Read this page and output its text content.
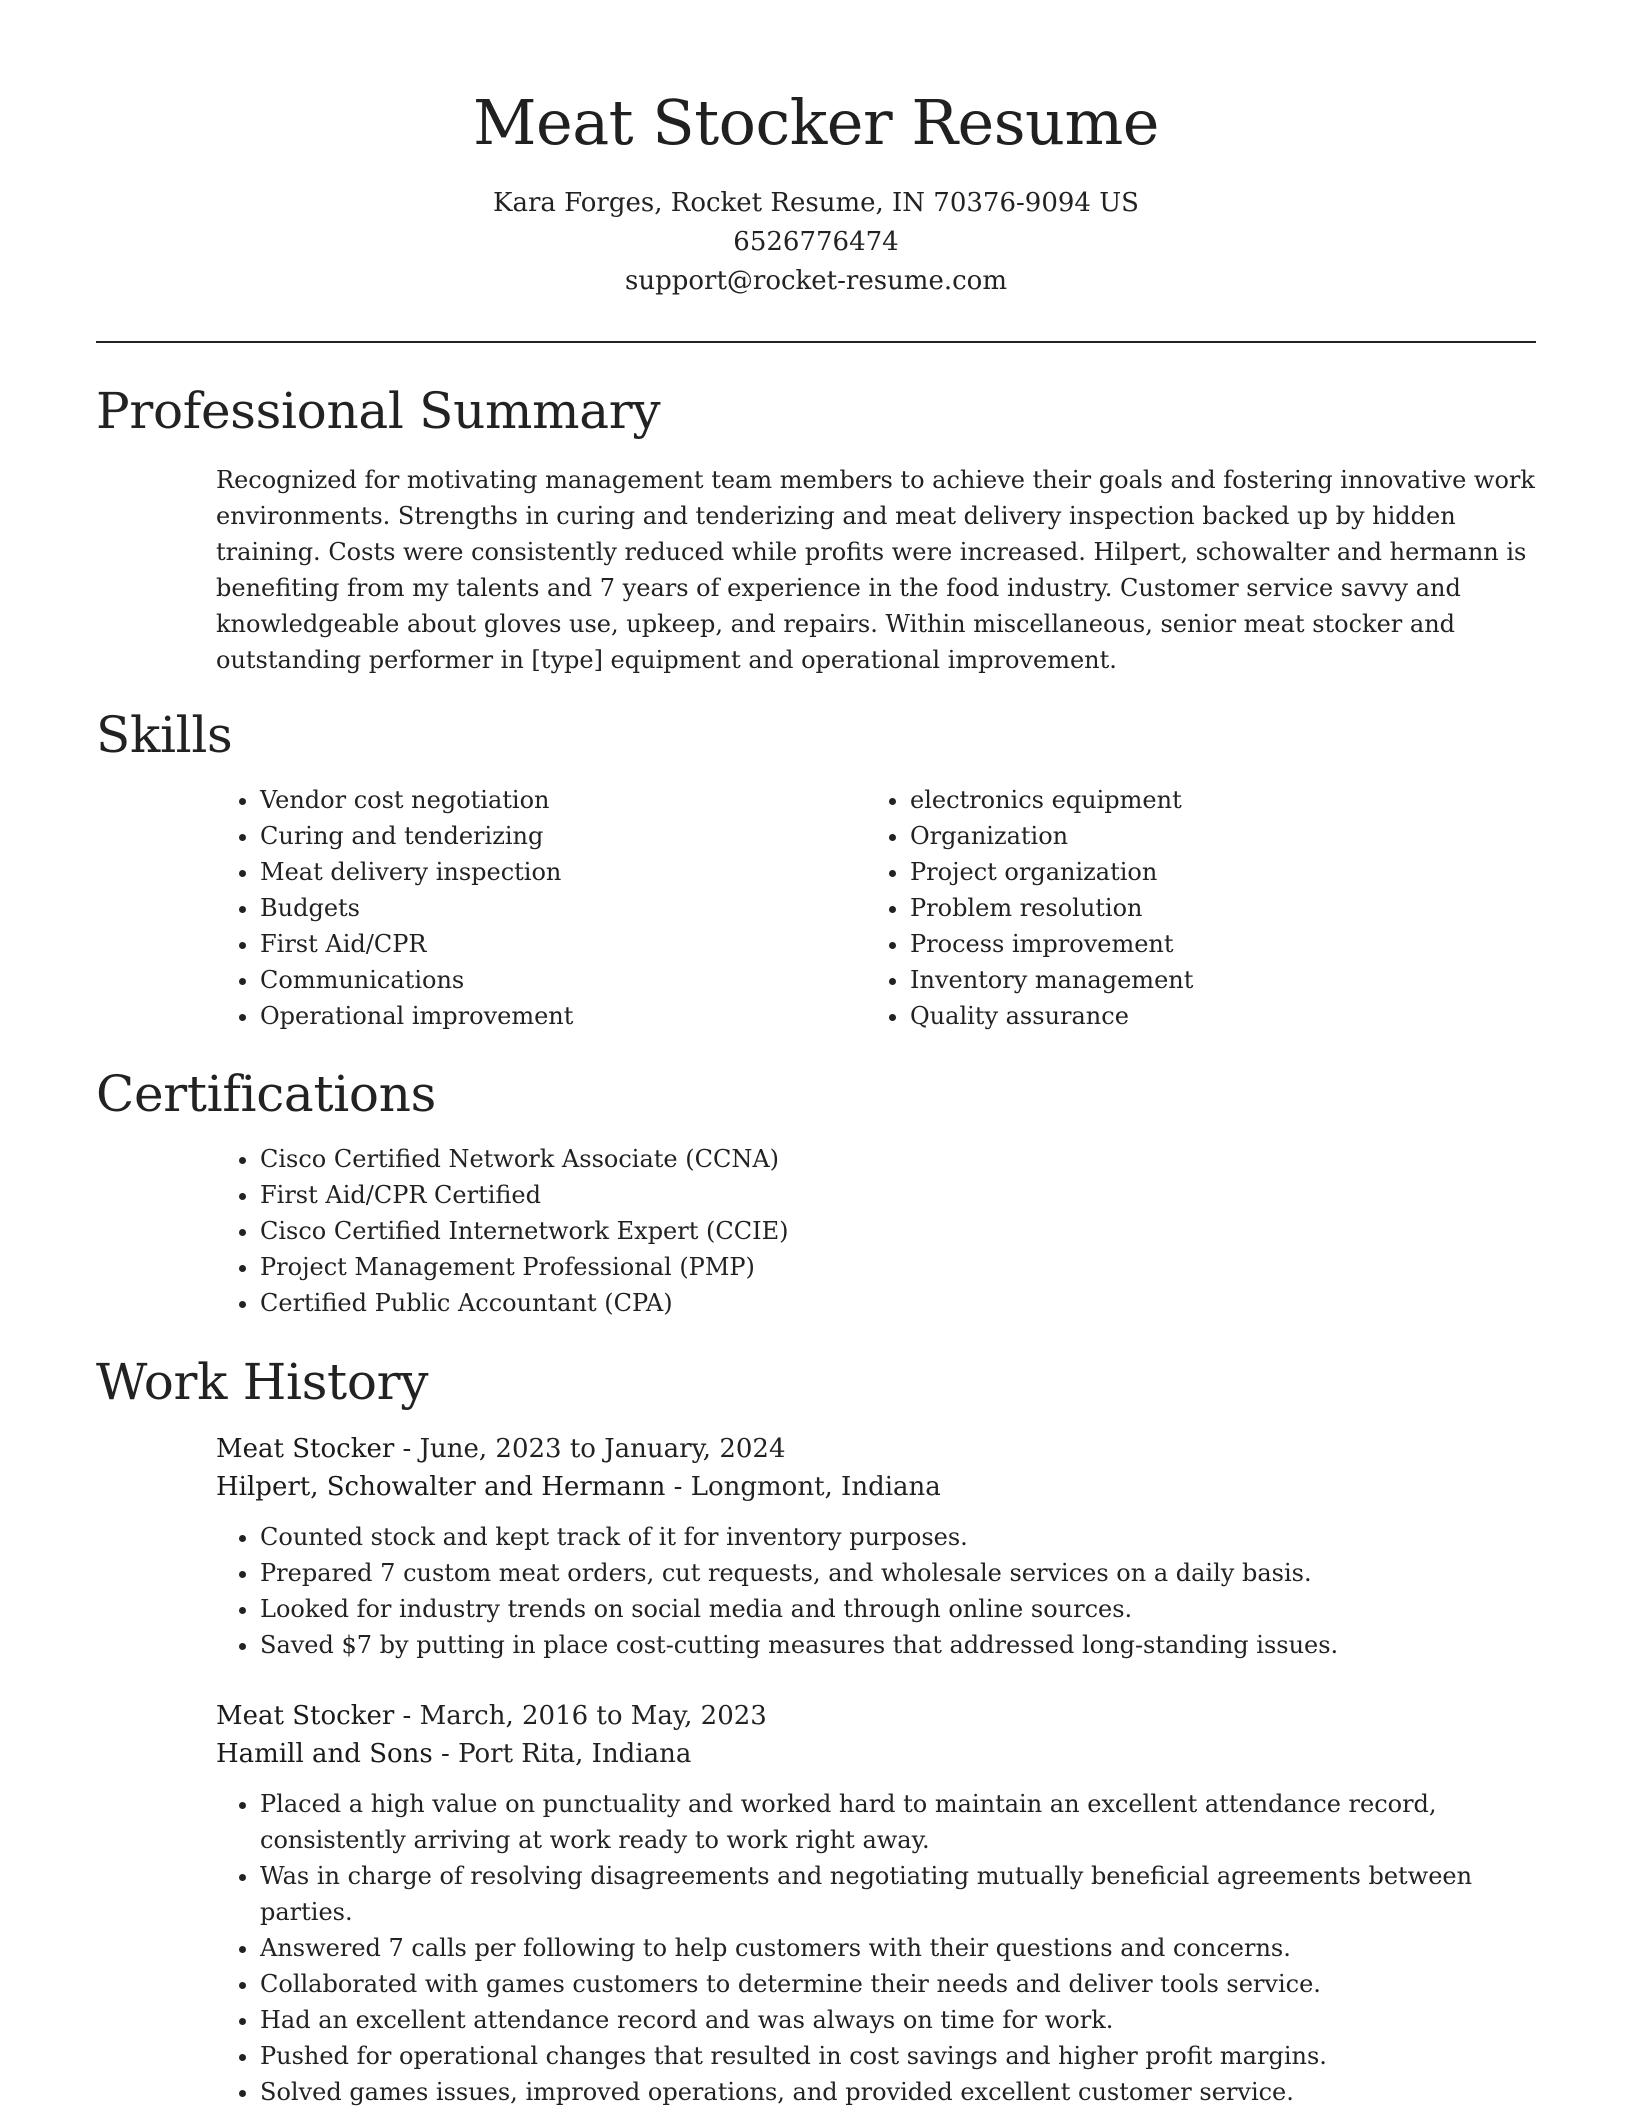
Meat Stocker Resume
Kara Forges, Rocket Resume, IN 70376-9094 US
6526776474
support@rocket-resume.com
Professional Summary

Recognized for motivating management team members to achieve their goals and fostering innovative work environments. Strengths in curing and tenderizing and meat delivery inspection backed up by hidden training. Costs were consistently reduced while profits were increased. Hilpert, schowalter and hermann is benefiting from my talents and 7 years of experience in the food industry. Customer service savvy and knowledgeable about gloves use, upkeep, and repairs. Within miscellaneous, senior meat stocker and outstanding performer in [type] equipment and operational improvement.

Skills
• Vendor cost negotiation
• Curing and tenderizing
• Meat delivery inspection
• Budgets
• First Aid/CPR
• Communications
• Operational improvement
• electronics equipment
• Organization
• Project organization
• Problem resolution
• Process improvement
• Inventory management
• Quality assurance
Certifications
• Cisco Certified Network Associate (CCNA)
• First Aid/CPR Certified
• Cisco Certified Internetwork Expert (CCIE)
• Project Management Professional (PMP)
• Certified Public Accountant (CPA)
Work History
Meat Stocker - June, 2023 to January, 2024
Hilpert, Schowalter and Hermann - Longmont, Indiana
• Counted stock and kept track of it for inventory purposes.
• Prepared 7 custom meat orders, cut requests, and wholesale services on a daily basis.
• Looked for industry trends on social media and through online sources.
• Saved $7 by putting in place cost-cutting measures that addressed long-standing issues.
Meat Stocker - March, 2016 to May, 2023
Hamill and Sons - Port Rita, Indiana
• Placed a high value on punctuality and worked hard to maintain an excellent attendance record, consistently arriving at work ready to work right away.
• Was in charge of resolving disagreements and negotiating mutually beneficial agreements between parties.
• Answered 7 calls per following to help customers with their questions and concerns.
• Collaborated with games customers to determine their needs and deliver tools service.
• Had an excellent attendance record and was always on time for work.
• Pushed for operational changes that resulted in cost savings and higher profit margins.
• Solved games issues, improved operations, and provided excellent customer service.
